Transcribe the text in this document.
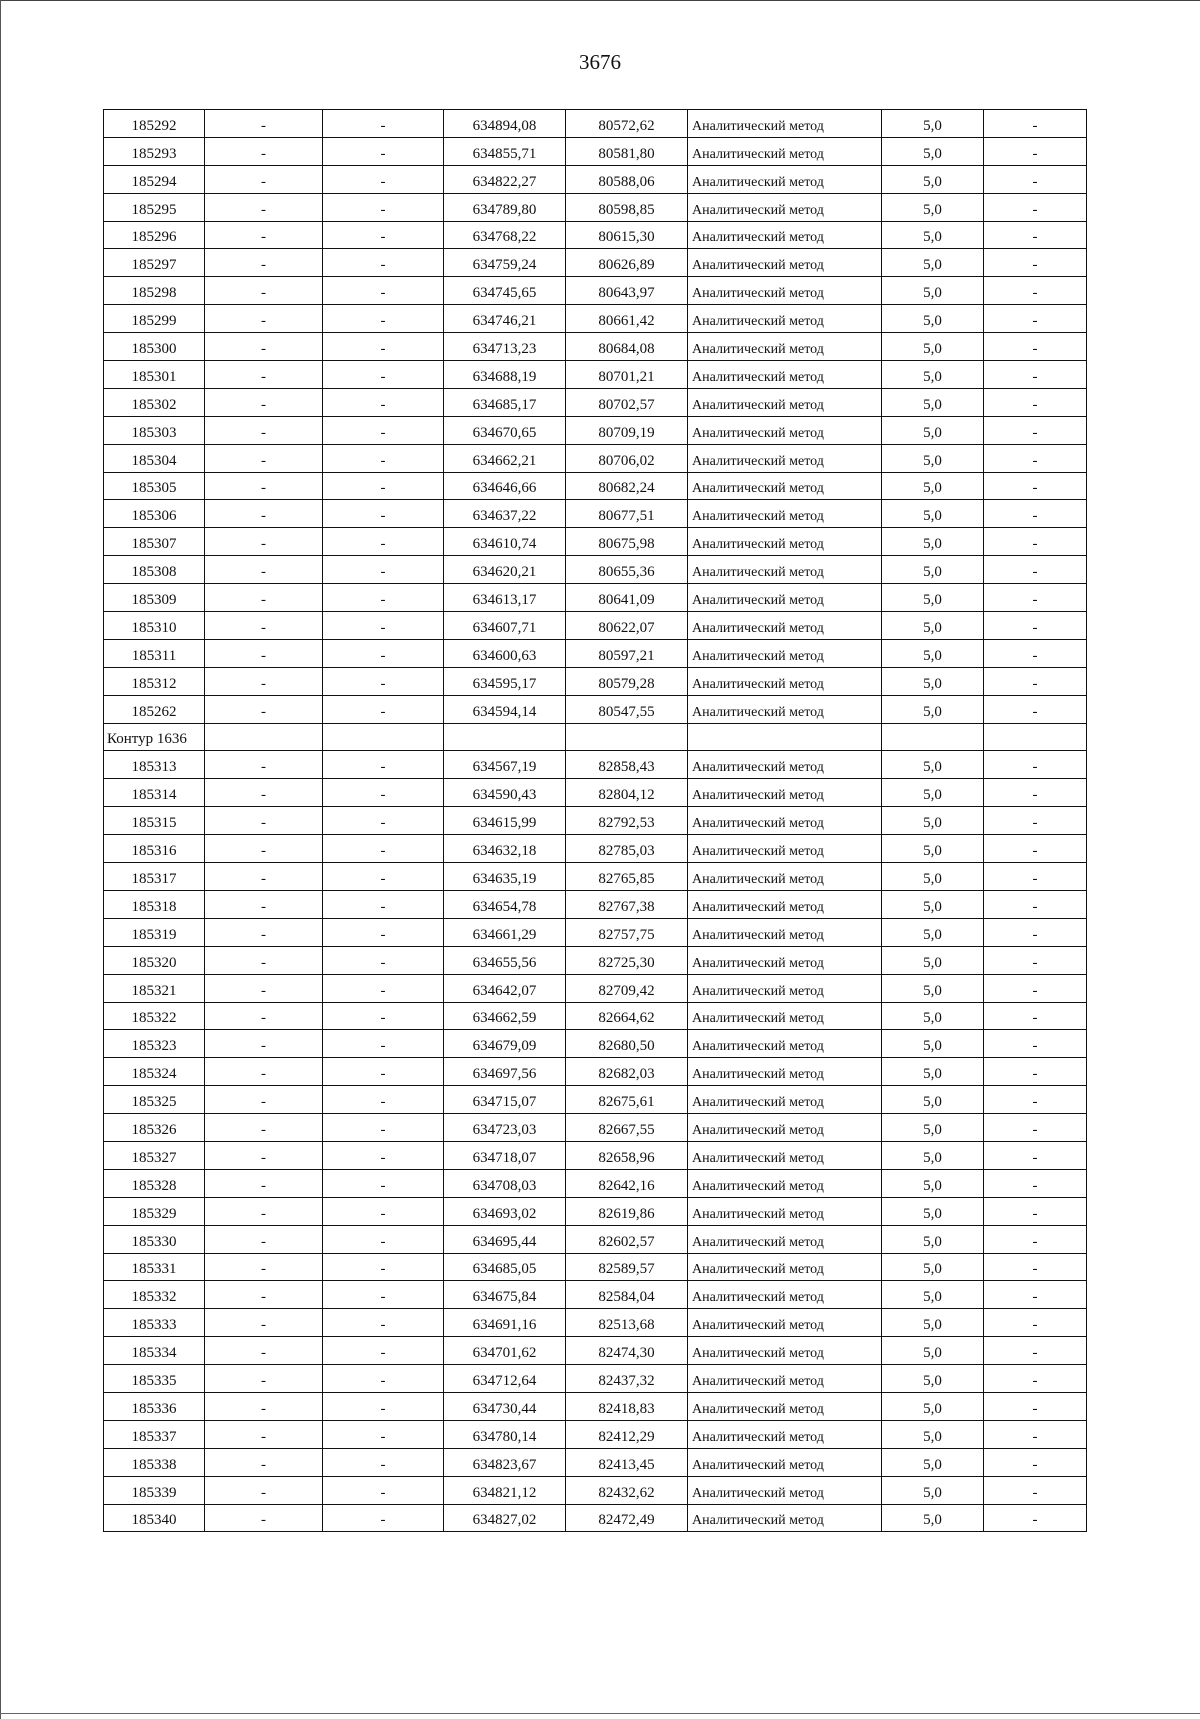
3676
185292	-	-	634894,08	80572,62	Аналитический метод	5,0	-
185293	-	-	634855,71	80581,80	Аналитический метод	5,0	-
185294	-	-	634822,27	80588,06	Аналитический метод	5,0	-
185295	-	-	634789,80	80598,85	Аналитический метод	5,0	-
185296	-	-	634768,22	80615,30	Аналитический метод	5,0	-
185297	-	-	634759,24	80626,89	Аналитический метод	5,0	-
185298	-	-	634745,65	80643,97	Аналитический метод	5,0	-
185299	-	-	634746,21	80661,42	Аналитический метод	5,0	-
185300	-	-	634713,23	80684,08	Аналитический метод	5,0	-
185301	-	-	634688,19	80701,21	Аналитический метод	5,0	-
185302	-	-	634685,17	80702,57	Аналитический метод	5,0	-
185303	-	-	634670,65	80709,19	Аналитический метод	5,0	-
185304	-	-	634662,21	80706,02	Аналитический метод	5,0	-
185305	-	-	634646,66	80682,24	Аналитический метод	5,0	-
185306	-	-	634637,22	80677,51	Аналитический метод	5,0	-
185307	-	-	634610,74	80675,98	Аналитический метод	5,0	-
185308	-	-	634620,21	80655,36	Аналитический метод	5,0	-
185309	-	-	634613,17	80641,09	Аналитический метод	5,0	-
185310	-	-	634607,71	80622,07	Аналитический метод	5,0	-
185311	-	-	634600,63	80597,21	Аналитический метод	5,0	-
185312	-	-	634595,17	80579,28	Аналитический метод	5,0	-
185262	-	-	634594,14	80547,55	Аналитический метод	5,0	-
Контур 1636							
185313	-	-	634567,19	82858,43	Аналитический метод	5,0	-
185314	-	-	634590,43	82804,12	Аналитический метод	5,0	-
185315	-	-	634615,99	82792,53	Аналитический метод	5,0	-
185316	-	-	634632,18	82785,03	Аналитический метод	5,0	-
185317	-	-	634635,19	82765,85	Аналитический метод	5,0	-
185318	-	-	634654,78	82767,38	Аналитический метод	5,0	-
185319	-	-	634661,29	82757,75	Аналитический метод	5,0	-
185320	-	-	634655,56	82725,30	Аналитический метод	5,0	-
185321	-	-	634642,07	82709,42	Аналитический метод	5,0	-
185322	-	-	634662,59	82664,62	Аналитический метод	5,0	-
185323	-	-	634679,09	82680,50	Аналитический метод	5,0	-
185324	-	-	634697,56	82682,03	Аналитический метод	5,0	-
185325	-	-	634715,07	82675,61	Аналитический метод	5,0	-
185326	-	-	634723,03	82667,55	Аналитический метод	5,0	-
185327	-	-	634718,07	82658,96	Аналитический метод	5,0	-
185328	-	-	634708,03	82642,16	Аналитический метод	5,0	-
185329	-	-	634693,02	82619,86	Аналитический метод	5,0	-
185330	-	-	634695,44	82602,57	Аналитический метод	5,0	-
185331	-	-	634685,05	82589,57	Аналитический метод	5,0	-
185332	-	-	634675,84	82584,04	Аналитический метод	5,0	-
185333	-	-	634691,16	82513,68	Аналитический метод	5,0	-
185334	-	-	634701,62	82474,30	Аналитический метод	5,0	-
185335	-	-	634712,64	82437,32	Аналитический метод	5,0	-
185336	-	-	634730,44	82418,83	Аналитический метод	5,0	-
185337	-	-	634780,14	82412,29	Аналитический метод	5,0	-
185338	-	-	634823,67	82413,45	Аналитический метод	5,0	-
185339	-	-	634821,12	82432,62	Аналитический метод	5,0	-
185340	-	-	634827,02	82472,49	Аналитический метод	5,0	-
